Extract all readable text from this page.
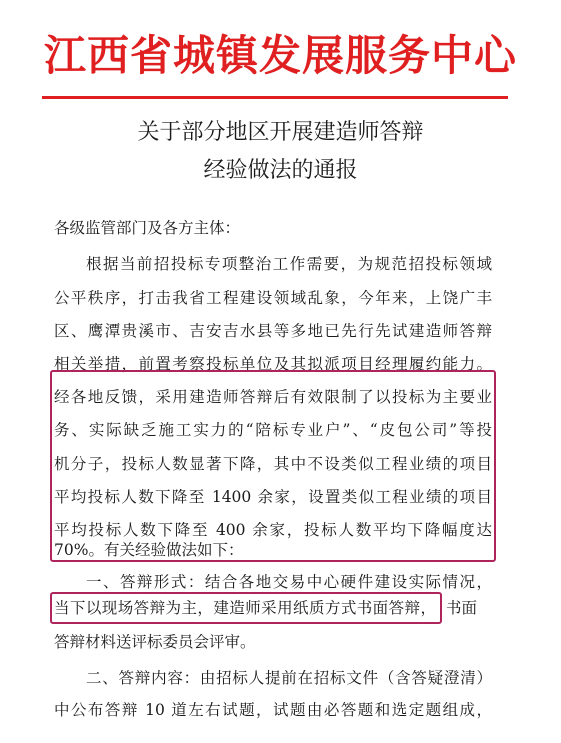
江西省城镇发展服务中心
关于部分地区开展建造师答辩
经验做法的通报
各级监管部门及各方主体：
根据当前招投标专项整治工作需要，为规范招投标领域
公平秩序，打击我省工程建设领域乱象，今年来，上饶广丰
区、鹰潭贵溪市、吉安吉水县等多地已先行先试建造师答辩
相关举措，前置考察投标单位及其拟派项目经理履约能力。
经各地反馈，采用建造师答辩后有效限制了以投标为主要业
务、实际缺乏施工实力的“陪标专业户”、“皮包公司”等投
机分子，投标人数显著下降，其中不设类似工程业绩的项目
平均投标人数下降至 1400 余家，设置类似工程业绩的项目
平均投标人数下降至 400 余家，投标人数平均下降幅度达
70%。有关经验做法如下：
一、答辩形式：结合各地交易中心硬件建设实际情况，
当下以现场答辩为主，建造师采用纸质方式书面答辩， 书面
答辩材料送评标委员会评审。
二、答辩内容：由招标人提前在招标文件（含答疑澄清）
中公布答辩 10 道左右试题，试题由必答题和选定题组成，
